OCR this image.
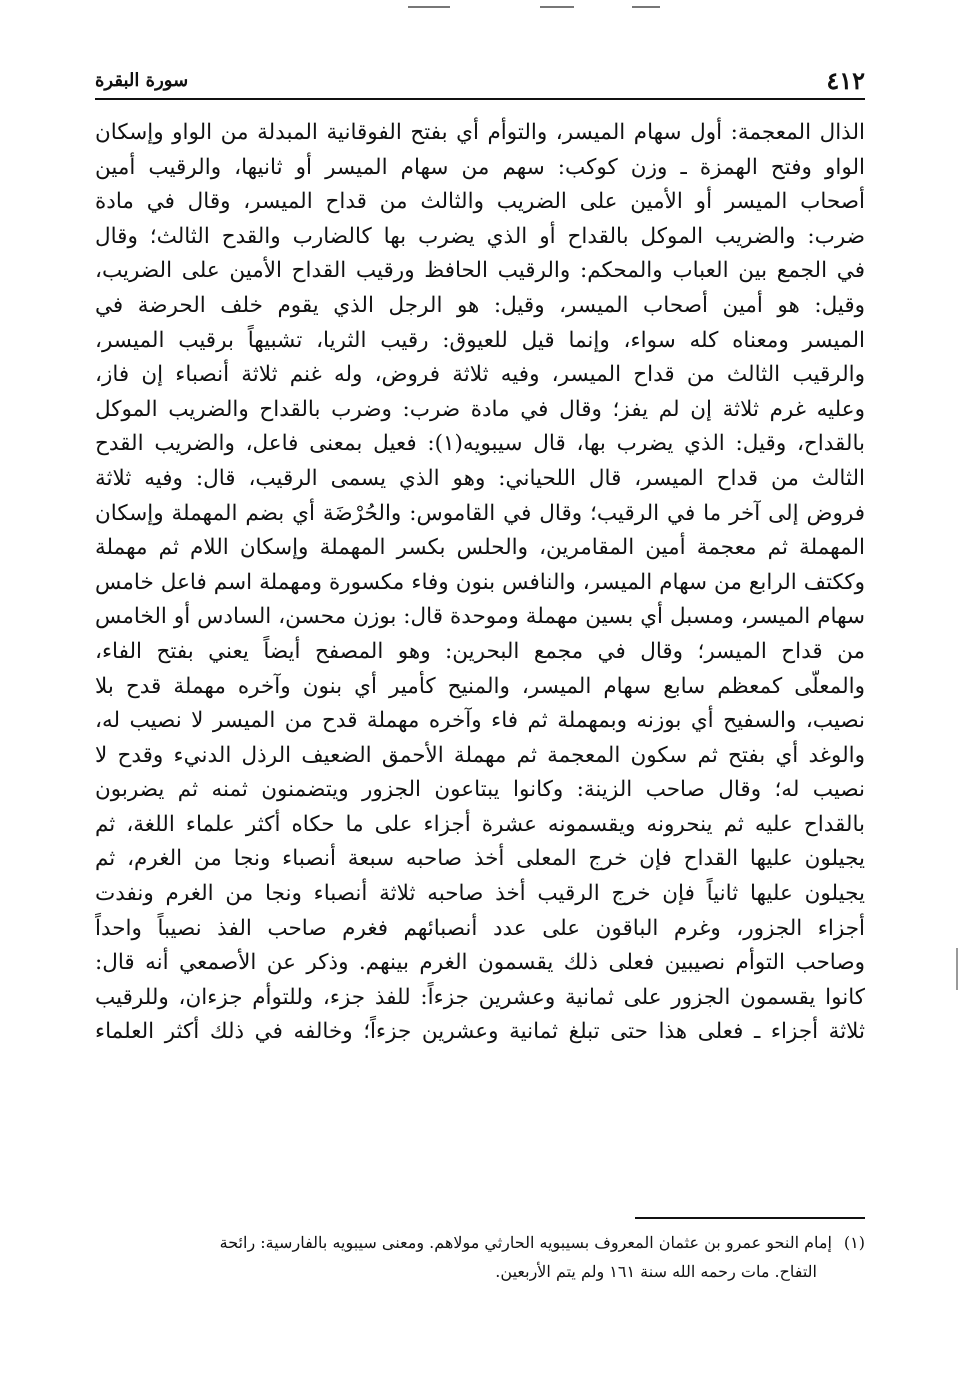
٤١٢
سورة البقرة
الذال المعجمة: أول سهام الميسر، والتوأم أي بفتح الفوقانية المبدلة من الواو وإسكان
الواو وفتح الهمزة ـ وزن كوكب: سهم من سهام الميسر أو ثانيها، والرقيب أمين
أصحاب الميسر أو الأمين على الضريب والثالث من قداح الميسر، وقال في مادة
ضرب: والضريب الموكل بالقداح أو الذي يضرب بها كالضارب والقدح الثالث؛ وقال
في الجمع بين العباب والمحكم: والرقيب الحافظ ورقيب القداح الأمين على الضريب،
وقيل: هو أمين أصحاب الميسر، وقيل: هو الرجل الذي يقوم خلف الحرضة في
الميسر ومعناه كله سواء، وإنما قيل للعيوق: رقيب الثريا، تشبيهاً برقيب الميسر،
والرقيب الثالث من قداح الميسر، وفيه ثلاثة فروض، وله غنم ثلاثة أنصباء إن فاز،
وعليه غرم ثلاثة إن لم يفز؛ وقال في مادة ضرب: وضرب بالقداح والضريب الموكل
بالقداح، وقيل: الذي يضرب بها، قال سيبويه(١): فعيل بمعنى فاعل، والضريب القدح
الثالث من قداح الميسر، قال اللحياني: وهو الذي يسمى الرقيب، قال: وفيه ثلاثة
فروض إلى آخر ما في الرقيب؛ وقال في القاموس: والحُرْضَة أي بضم المهملة وإسكان
المهملة ثم معجمة أمين المقامرين، والحلس بكسر المهملة وإسكان اللام ثم مهملة
وككتف الرابع من سهام الميسر، والنافس بنون وفاء مكسورة ومهملة اسم فاعل خامس
سهام الميسر، ومسبل أي بسين مهملة وموحدة قال: بوزن محسن، السادس أو الخامس
من قداح الميسر؛ وقال في مجمع البحرين: وهو المصفح أيضاً يعني بفتح الفاء،
والمعلّى كمعظم سابع سهام الميسر، والمنيح كأمير أي بنون وآخره مهملة قدح بلا
نصيب، والسفيح أي بوزنه وبمهملة ثم فاء وآخره مهملة قدح من الميسر لا نصيب له،
والوغد أي بفتح ثم سكون المعجمة ثم مهملة الأحمق الضعيف الرذل الدنيء وقدح لا
نصيب له؛ وقال صاحب الزينة: وكانوا يبتاعون الجزور ويتضمنون ثمنه ثم يضربون
بالقداح عليه ثم ينحرونه ويقسمونه عشرة أجزاء على ما حكاه أكثر علماء اللغة، ثم
يجيلون عليها القداح فإن خرج المعلى أخذ صاحبه سبعة أنصباء ونجا من الغرم، ثم
يجيلون عليها ثانياً فإن خرج الرقيب أخذ صاحبه ثلاثة أنصباء ونجا من الغرم ونفدت
أجزاء الجزور، وغرم الباقون على عدد أنصبائهم فغرم صاحب الفذ نصيباً واحداً
وصاحب التوأم نصيبين فعلى ذلك يقسمون الغرم بينهم. وذكر عن الأصمعي أنه قال:
كانوا يقسمون الجزور على ثمانية وعشرين جزءاً: للفذ جزء، وللتوأم جزءان، وللرقيب
ثلاثة أجزاء ـ فعلى هذا حتى تبلغ ثمانية وعشرين جزءاً؛ وخالفه في ذلك أكثر العلماء
(١)إمام النحو عمرو بن عثمان المعروف بسيبويه الحارثي مولاهم. ومعنى سيبويه بالفارسية: رائحة
التفاح. مات رحمه الله سنة ١٦١ ولم يتم الأربعين.
